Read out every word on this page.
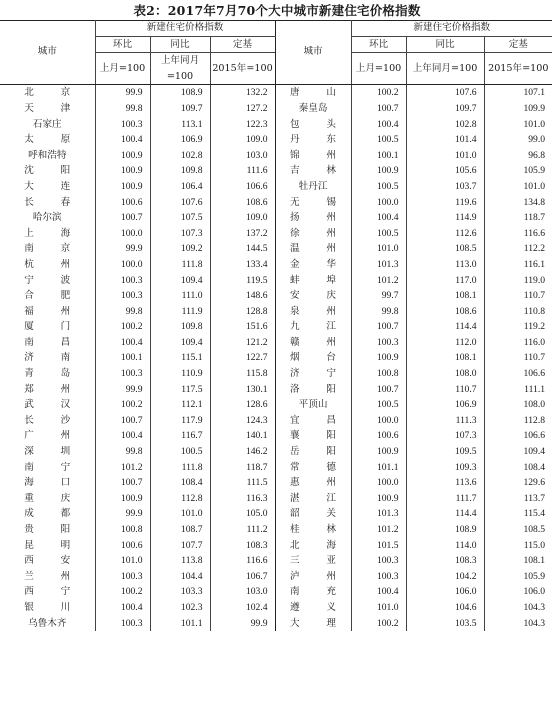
表2：2017年7月70个大中城市新建住宅价格指数
城市	新建住宅价格指数			城市	新建住宅价格指数		
	环比	同比	定基		环比	同比	定基
	上月=100	上年同月=100	2015年=100		上月=100	上年同月=100	2015年=100
北京	99.9	108.9	132.2	唐山	100.2	107.6	107.1
天津	99.8	109.7	127.2	秦皇岛	100.7	109.7	109.9
石家庄	100.3	113.1	122.3	包头	100.4	102.8	101.0
太原	100.4	106.9	109.0	丹东	100.5	101.4	99.0
呼和浩特	100.9	102.8	103.0	锦州	100.1	101.0	96.8
沈阳	100.9	109.8	111.6	吉林	100.9	105.6	105.9
大连	100.9	106.4	106.6	牡丹江	100.5	103.7	101.0
长春	100.6	107.6	108.6	无锡	100.0	119.6	134.8
哈尔滨	100.7	107.5	109.0	扬州	100.4	114.9	118.7
上海	100.0	107.3	137.2	徐州	100.5	112.6	116.6
南京	99.9	109.2	144.5	温州	101.0	108.5	112.2
杭州	100.0	111.8	133.4	金华	101.3	113.0	116.1
宁波	100.3	109.4	119.5	蚌埠	101.2	117.0	119.0
合肥	100.3	111.0	148.6	安庆	99.7	108.1	110.7
福州	99.8	111.9	128.8	泉州	99.8	108.6	110.8
厦门	100.2	109.8	151.6	九江	100.7	114.4	119.2
南昌	100.4	109.4	121.2	赣州	100.3	112.0	116.0
济南	100.1	115.1	122.7	烟台	100.9	108.1	110.7
青岛	100.3	110.9	115.8	济宁	100.8	108.0	106.6
郑州	99.9	117.5	130.1	洛阳	100.7	110.7	111.1
武汉	100.2	112.1	128.6	平顶山	100.5	106.9	108.0
长沙	100.7	117.9	124.3	宜昌	100.0	111.3	112.8
广州	100.4	116.7	140.1	襄阳	100.6	107.3	106.6
深圳	99.8	100.5	146.2	岳阳	100.9	109.5	109.4
南宁	101.2	111.8	118.7	常德	101.1	109.3	108.4
海口	100.7	108.4	111.5	惠州	100.0	113.6	129.6
重庆	100.9	112.8	116.3	湛江	100.9	111.7	113.7
成都	99.9	101.0	105.0	韶关	101.3	114.4	115.4
贵阳	100.8	108.7	111.2	桂林	101.2	108.9	108.5
昆明	100.6	107.7	108.3	北海	101.5	114.0	115.0
西安	101.0	113.8	116.6	三亚	100.3	108.3	108.1
兰州	100.3	104.4	106.7	泸州	100.3	104.2	105.9
西宁	100.2	103.3	103.0	南充	100.4	106.0	106.0
银川	100.4	102.3	102.4	遵义	101.0	104.6	104.3
乌鲁木齐	100.3	101.1	99.9	大理	100.2	103.5	104.3
